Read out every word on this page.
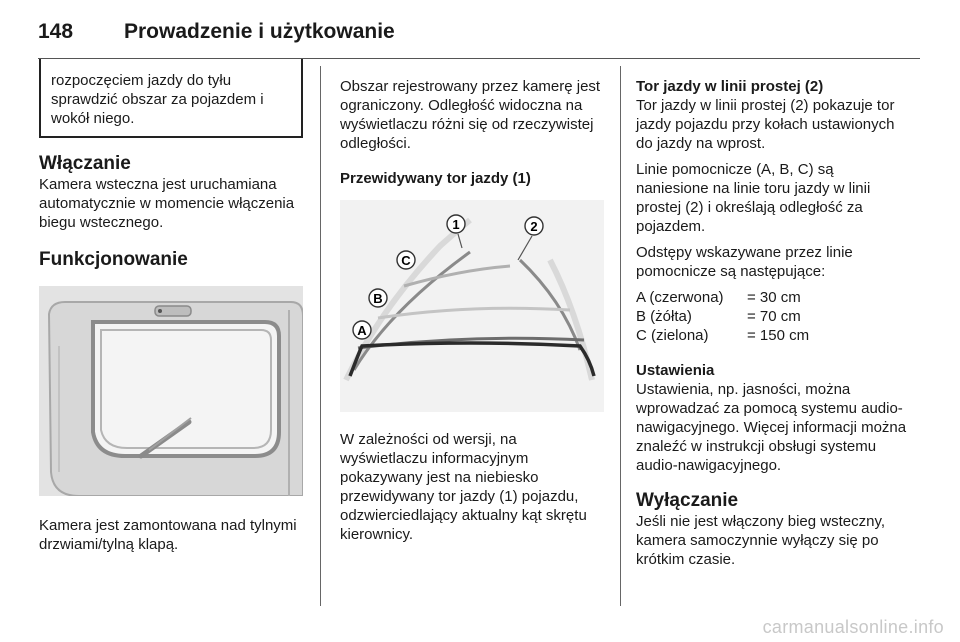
148 Prowadzenie i użytkowanie
rozpoczęciem jazdy do tyłu sprawdzić obszar za pojazdem i wokół niego.
Włączanie

Kamera wsteczna jest uruchamiana automatycznie w momencie włączenia biegu wstecznego.

Funkcjonowanie

Kamera jest zamontowana nad tylnymi drzwiami/tylną klapą.

Obszar rejestrowany przez kamerę jest ograniczony. Odległość widoczna na wyświetlaczu różni się od rzeczywistej odległości.

Przewidywany tor jazdy (1)
1	2
C
B
A

W zależności od wersji, na wyświetlaczu informacyjnym pokazywany jest na niebiesko przewidywany tor jazdy (1) pojazdu, odzwierciedlający aktualny kąt skrętu kierownicy.

Tor jazdy w linii prostej (2)

Tor jazdy w linii prostej (2) pokazuje tor jazdy pojazdu przy kołach ustawionych do jazdy na wprost.

Linie pomocnicze (A, B, C) są naniesione na linie toru jazdy w linii prostej (2) i określają odległość za pojazdem.

Odstępy wskazywane przez linie pomocnicze są następujące:

A (czerwona)	= 30 cm
B (żółta)	= 70 cm
C (zielona)	= 150 cm
Ustawienia

Ustawienia, np. jasności, można wprowadzać za pomocą systemu audio-nawigacyjnego. Więcej informacji można znaleźć w instrukcji obsługi systemu audio-nawigacyjnego.

Wyłączanie

Jeśli nie jest włączony bieg wsteczny, kamera samoczynnie wyłączy się po krótkim czasie.

carmanualsonline.info
